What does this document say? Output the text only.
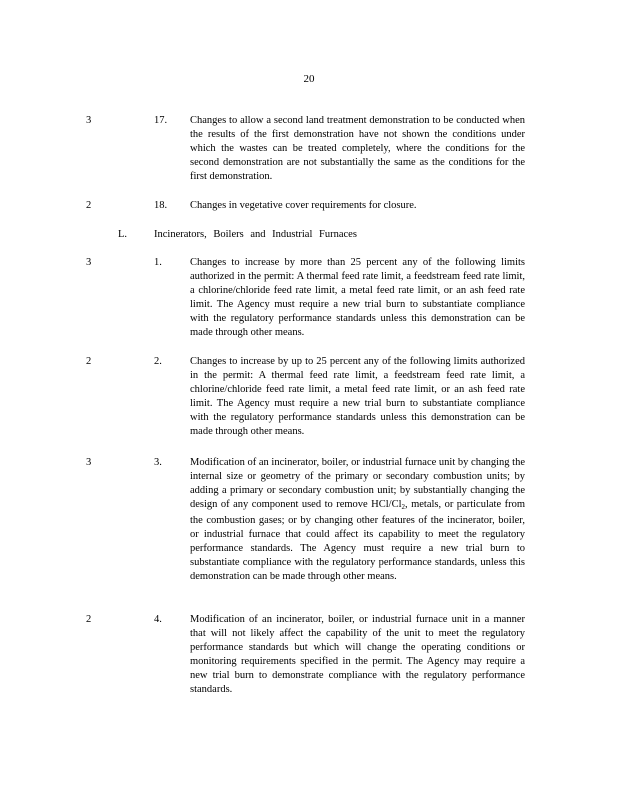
20
3	17. Changes to allow a second land treatment demonstration to be conducted when the results of the first demonstration have not shown the conditions under which the wastes can be treated completely, where the conditions for the second demonstration are not substantially the same as the conditions for the first demonstration.
2	18. Changes in vegetative cover requirements for closure.
L.	Incinerators, Boilers and Industrial Furnaces
3	1.	Changes to increase by more than 25 percent any of the following limits authorized in the permit: A thermal feed rate limit, a feedstream feed rate limit, a chlorine/chloride feed rate limit, a metal feed rate limit, or an ash feed rate limit. The Agency must require a new trial burn to substantiate compliance with the regulatory performance standards unless this demonstration can be made through other means.
2	2.	Changes to increase by up to 25 percent any of the following limits authorized in the permit: A thermal feed rate limit, a feedstream feed rate limit, a chlorine/chloride feed rate limit, a metal feed rate limit, or an ash feed rate limit. The Agency must require a new trial burn to substantiate compliance with the regulatory performance standards unless this demonstration can be made through other means.
3	3.	Modification of an incinerator, boiler, or industrial furnace unit by changing the internal size or geometry of the primary or secondary combustion units; by adding a primary or secondary combustion unit; by substantially changing the design of any component used to remove HCl/$Cl_2$, metals, or particulate from the combustion gases; or by changing other features of the incinerator, boiler, or industrial furnace that could affect its capability to meet the regulatory performance standards. The Agency must require a new trial burn to substantiate compliance with the regulatory performance standards, unless this demonstration can be made through other means.
2	4.	Modification of an incinerator, boiler, or industrial furnace unit in a manner that will not likely affect the capability of the unit to meet the regulatory performance standards but which will change the operating conditions or monitoring requirements specified in the permit. The Agency may require a new trial burn to demonstrate compliance with the regulatory performance standards.
